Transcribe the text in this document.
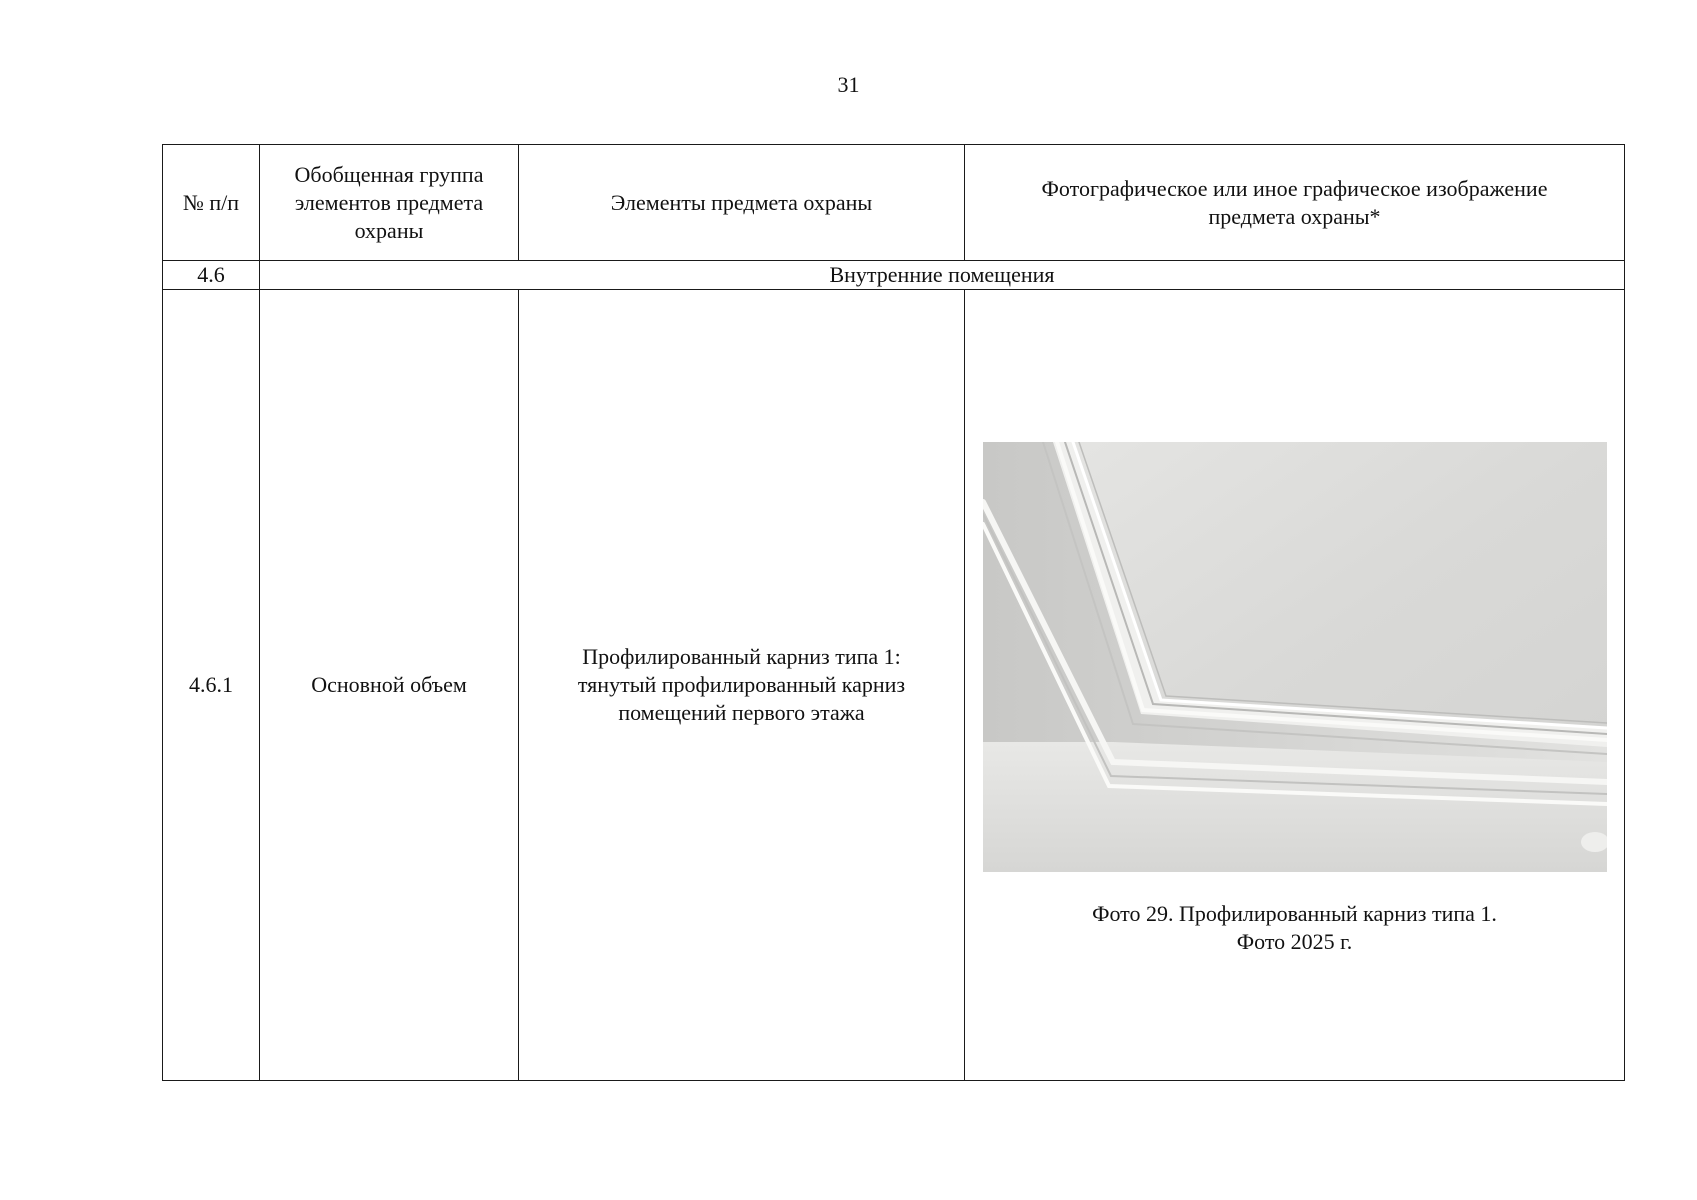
31
№ п/п	Обобщенная группа элементов предмета охраны	Элементы предмета охраны	Фотографическое или иное графическое изображение предмета охраны*
4.6	Внутренние помещения		
4.6.1	Основной объем	Профилированный карниз типа 1: тянутый профилированный карниз помещений первого этажа	Фото 29. Профилированный карниз типа 1.
Фото 2025 г.
